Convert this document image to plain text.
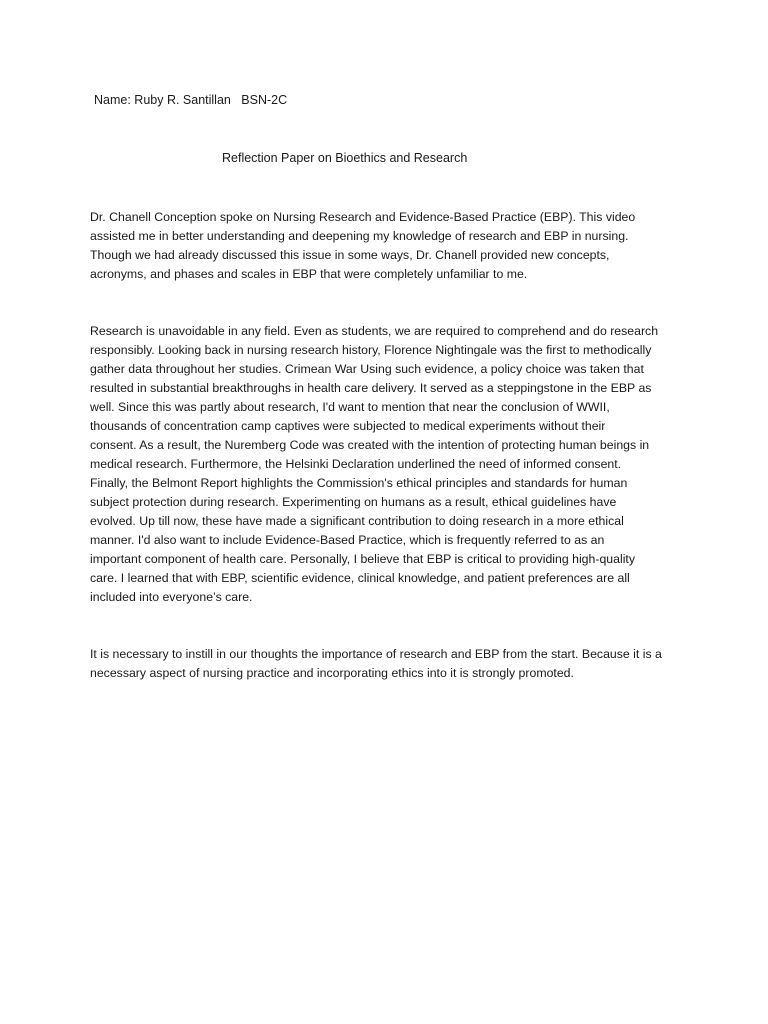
Name: Ruby R. Santillan   BSN-2C
Reflection Paper on Bioethics and Research

Dr. Chanell Conception spoke on Nursing Research and Evidence-Based Practice (EBP). This video
assisted me in better understanding and deepening my knowledge of research and EBP in nursing.
Though we had already discussed this issue in some ways, Dr. Chanell provided new concepts,
acronyms, and phases and scales in EBP that were completely unfamiliar to me.

Research is unavoidable in any field. Even as students, we are required to comprehend and do research
responsibly. Looking back in nursing research history, Florence Nightingale was the first to methodically
gather data throughout her studies. Crimean War Using such evidence, a policy choice was taken that
resulted in substantial breakthroughs in health care delivery. It served as a steppingstone in the EBP as
well. Since this was partly about research, I'd want to mention that near the conclusion of WWII,
thousands of concentration camp captives were subjected to medical experiments without their
consent. As a result, the Nuremberg Code was created with the intention of protecting human beings in
medical research. Furthermore, the Helsinki Declaration underlined the need of informed consent.
Finally, the Belmont Report highlights the Commission's ethical principles and standards for human
subject protection during research. Experimenting on humans as a result, ethical guidelines have
evolved. Up till now, these have made a significant contribution to doing research in a more ethical
manner. I'd also want to include Evidence-Based Practice, which is frequently referred to as an
important component of health care. Personally, I believe that EBP is critical to providing high-quality
care. I learned that with EBP, scientific evidence, clinical knowledge, and patient preferences are all
included into everyone’s care.

It is necessary to instill in our thoughts the importance of research and EBP from the start. Because it is a
necessary aspect of nursing practice and incorporating ethics into it is strongly promoted.
